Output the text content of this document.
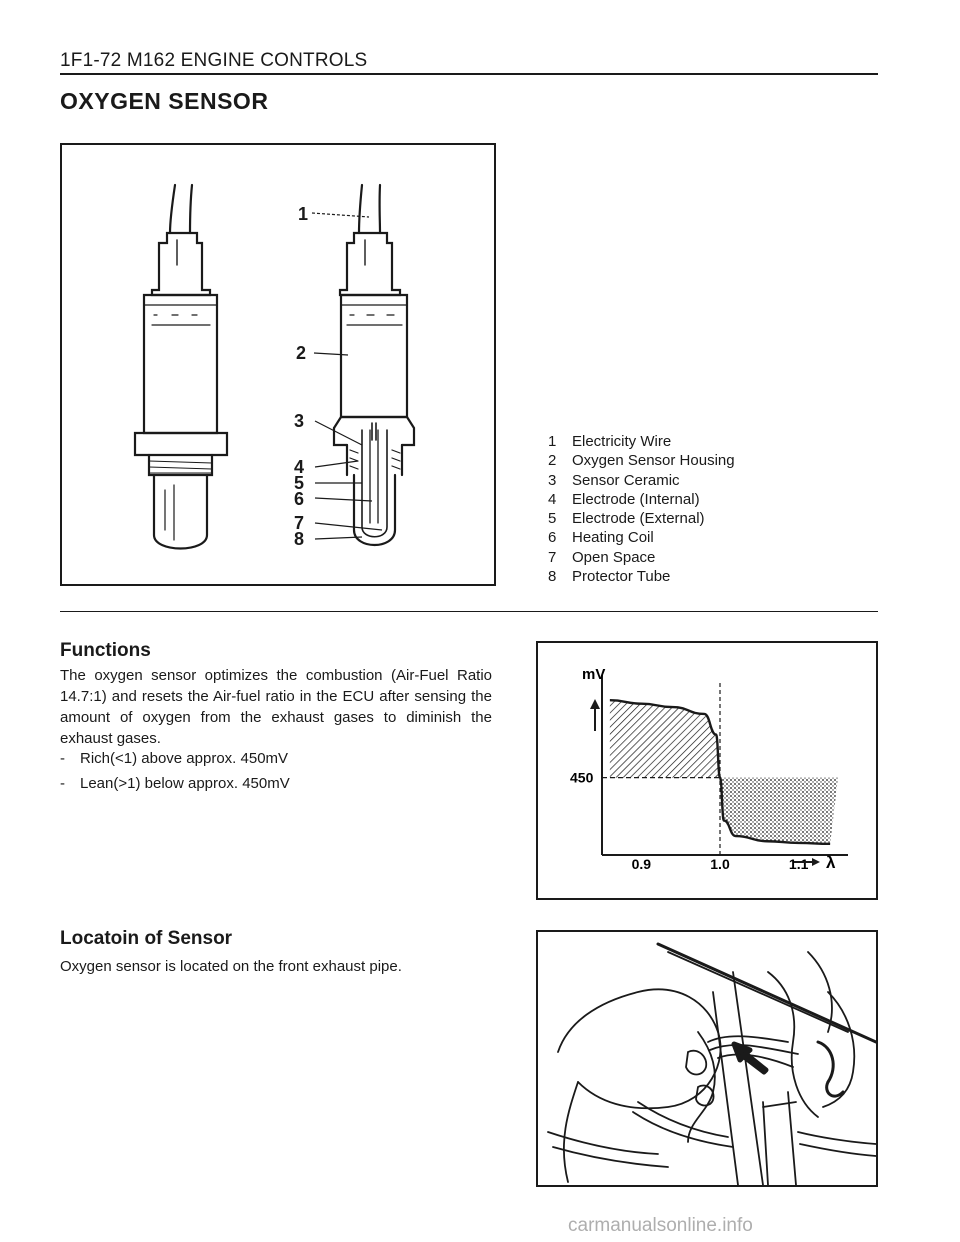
1F1-72 M162 ENGINE CONTROLS
OXYGEN SENSOR
1
2
3
4
5
6
7
8
1	Electricity Wire
2	Oxygen Sensor Housing
3	Sensor Ceramic
4	Electrode (Internal)
5	Electrode (External)
6	Heating Coil
7	Open Space
8	Protector Tube
Functions
The oxygen sensor optimizes the combustion (Air-Fuel Ratio 14.7:1) and resets the Air-fuel ratio in the ECU after sensing the amount of oxygen from the exhaust gases to diminish the exhaust gases.
-	Rich(<1) above approx. 450mV
-	Lean(>1) below approx. 450mV
mV
450
0.9	1.0	1.1 λ
Locatoin of Sensor
Oxygen sensor is located on the front exhaust pipe.
carmanualsonline.info
